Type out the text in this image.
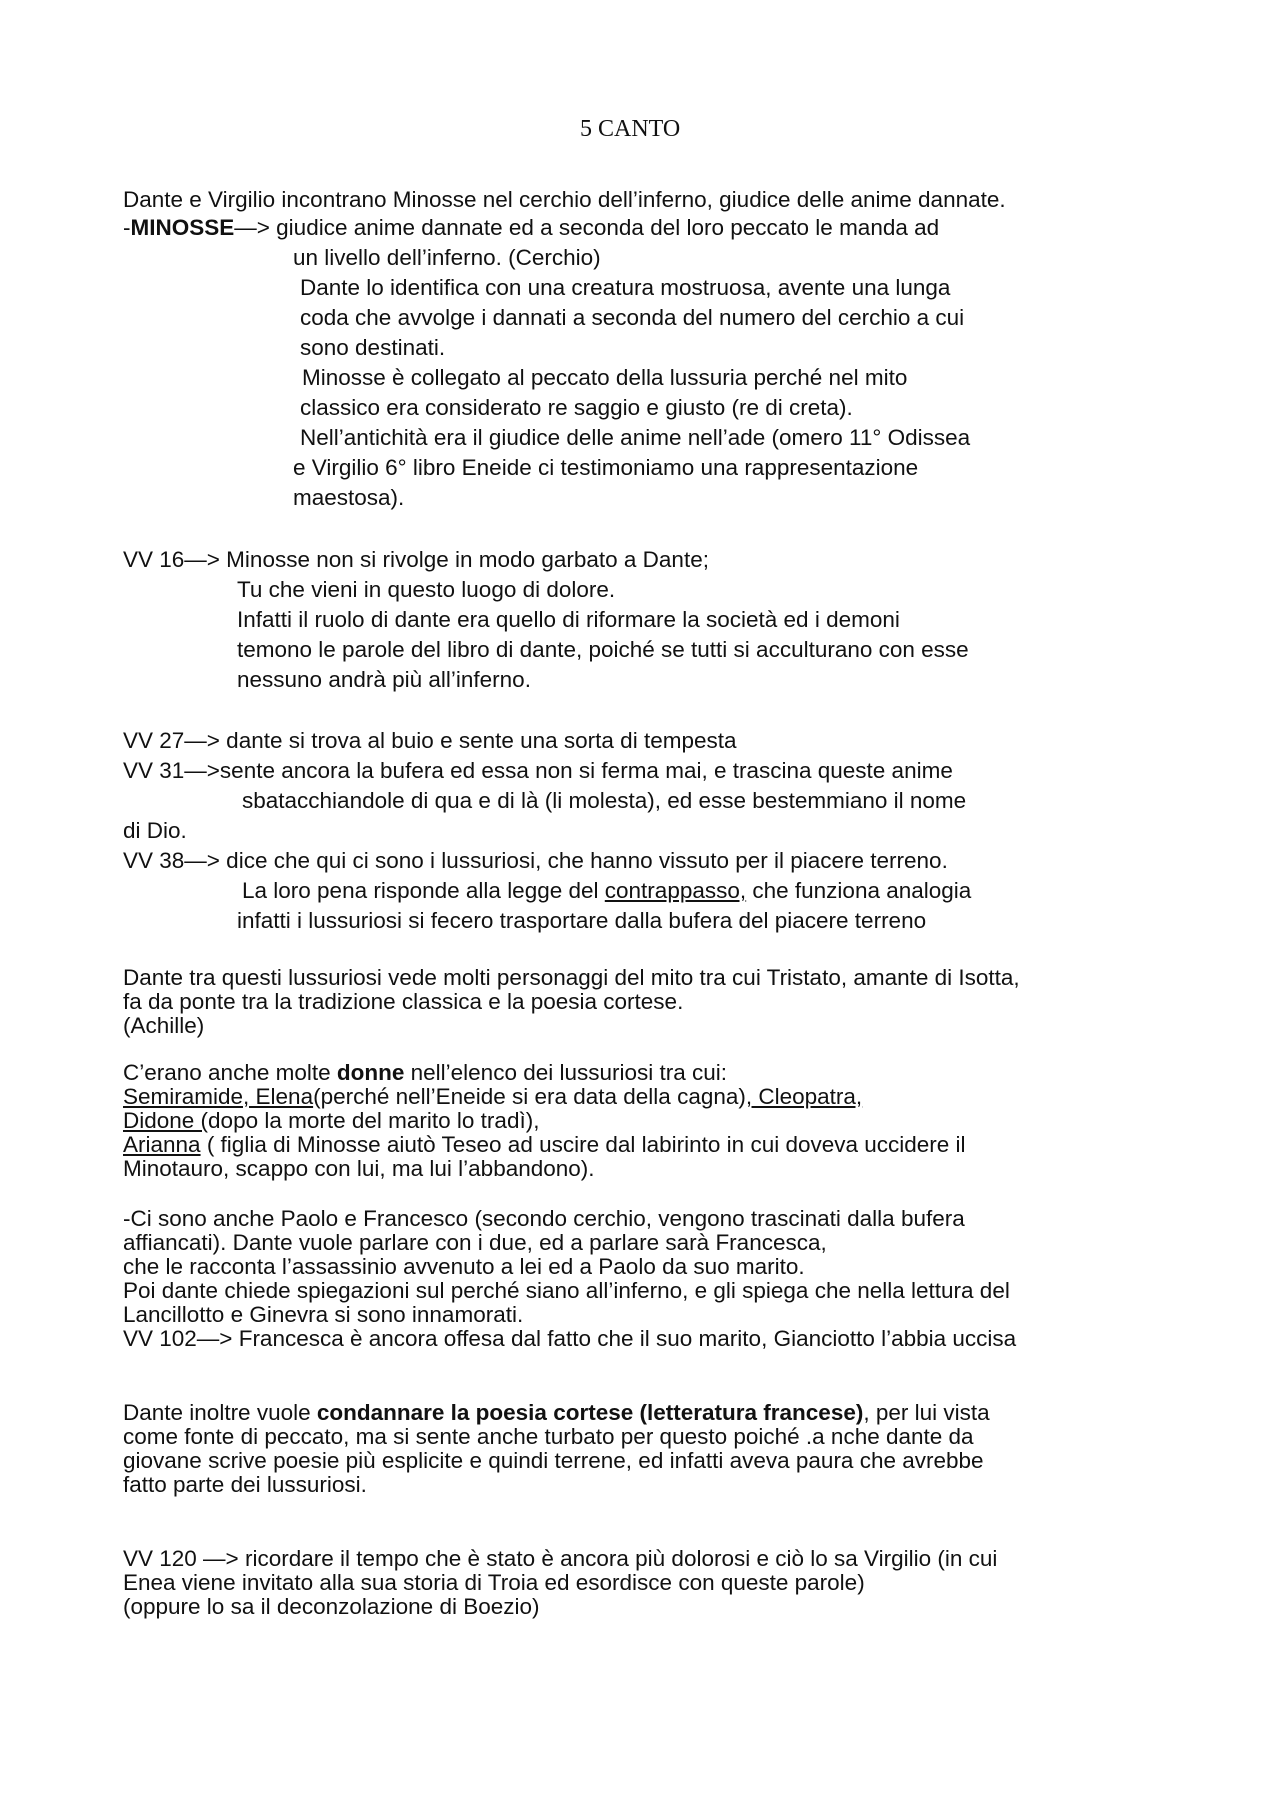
5 CANTO
Dante e Virgilio incontrano Minosse nel cerchio dell’inferno, giudice delle anime dannate.
-MINOSSE—> giudice anime dannate ed a seconda del loro peccato le manda ad
un livello dell’inferno. (Cerchio)
Dante lo identifica con una creatura mostruosa, avente una lunga
coda che avvolge i dannati a seconda del numero del cerchio a cui
sono destinati.
Minosse è collegato al peccato della lussuria perché nel mito
classico era considerato re saggio e giusto (re di creta).
Nell’antichità era il giudice delle anime nell’ade (omero 11° Odissea
e Virgilio 6° libro Eneide ci testimoniamo una rappresentazione
maestosa).
VV 16—> Minosse non si rivolge in modo garbato a Dante;
Tu che vieni in questo luogo di dolore.
Infatti il ruolo di dante era quello di riformare la società ed i demoni
temono le parole del libro di dante, poiché se tutti si acculturano con esse
nessuno andrà più all’inferno.
VV 27—> dante si trova al buio e sente una sorta di tempesta
VV 31—>sente ancora la bufera ed essa non si ferma mai, e trascina queste anime
sbatacchiandole di qua e di là (li molesta), ed esse bestemmiano il nome
di Dio.
VV 38—> dice che qui ci sono i lussuriosi, che hanno vissuto per il piacere terreno.
La loro pena risponde alla legge del contrappasso, che funziona analogia
infatti i lussuriosi si fecero trasportare dalla bufera del piacere terreno
Dante tra questi lussuriosi vede molti personaggi del mito tra cui Tristato, amante di Isotta,
fa da ponte tra la tradizione classica e la poesia cortese.
(Achille)
C’erano anche molte donne nell’elenco dei lussuriosi tra cui:
Semiramide, Elena(perché nell’Eneide si era data della cagna), Cleopatra,
Didone (dopo la morte del marito lo tradì),
Arianna ( figlia di Minosse aiutò Teseo ad uscire dal labirinto in cui doveva uccidere il
Minotauro, scappo con lui, ma lui l’abbandono).
-Ci sono anche Paolo e Francesco (secondo cerchio, vengono trascinati dalla bufera
affiancati). Dante vuole parlare con i due, ed a parlare sarà Francesca,
che le racconta l’assassinio avvenuto a lei ed a Paolo da suo marito.
Poi dante chiede spiegazioni sul perché siano all’inferno, e gli spiega che nella lettura del
Lancillotto e Ginevra si sono innamorati.
VV 102—> Francesca è ancora offesa dal fatto che il suo marito, Gianciotto l’abbia uccisa
Dante inoltre vuole condannare la poesia cortese (letteratura francese), per lui vista
come fonte di peccato, ma si sente anche turbato per questo poiché .a nche dante da
giovane scrive poesie più esplicite e quindi terrene, ed infatti aveva paura che avrebbe
fatto parte dei lussuriosi.
VV 120 —> ricordare il tempo che è stato è ancora più dolorosi e ciò lo sa Virgilio (in cui
Enea viene invitato alla sua storia di Troia ed esordisce con queste parole)
(oppure lo sa il deconzolazione di Boezio)
